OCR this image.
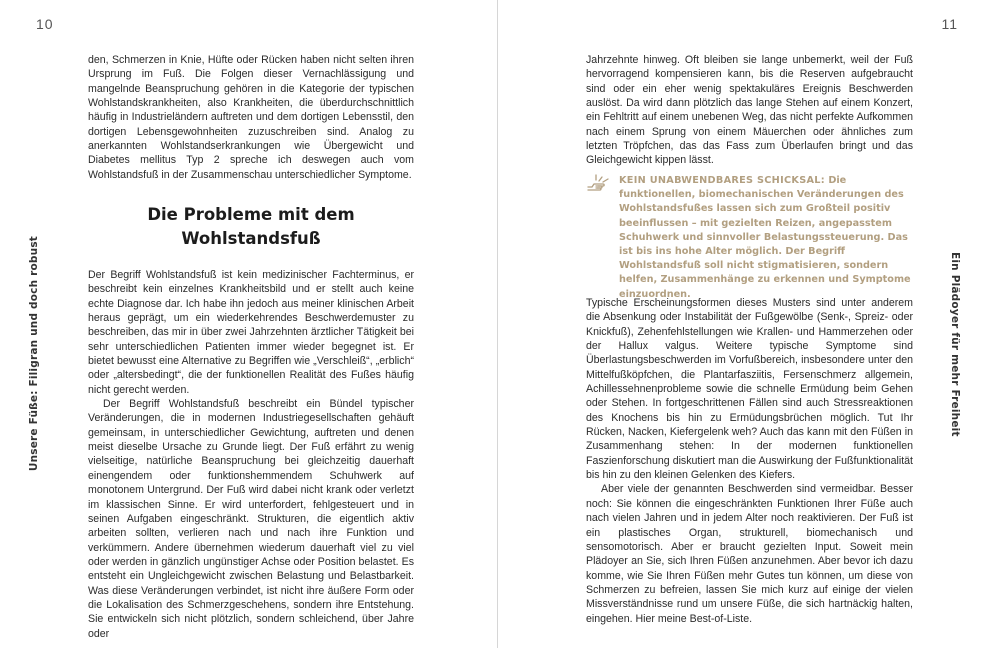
10
Unsere Füße: Filigran und doch robust

den, Schmerzen in Knie, Hüfte oder Rücken haben nicht selten ihren Ursprung im Fuß. Die Folgen dieser Vernachlässigung und mangelnde Beanspruchung gehören in die Kategorie der typischen Wohlstandskrankheiten, also Krankheiten, die überdurchschnittlich häufig in Industrieländern auftreten und dem dortigen Lebensstil, den dortigen Lebensgewohnheiten zuzuschreiben sind. Analog zu anerkannten Wohlstandserkrankungen wie Übergewicht und Diabetes mellitus Typ 2 spreche ich deswegen auch vom Wohlstandsfuß in der Zusammenschau unterschiedlicher Symptome.

Die Probleme mit dem
Wohlstandsfuß

Der Begriff Wohlstandsfuß ist kein medizinischer Fachterminus, er beschreibt kein einzelnes Krankheitsbild und er stellt auch keine echte Diagnose dar. Ich habe ihn jedoch aus meiner klinischen Arbeit heraus geprägt, um ein wiederkehrendes Beschwerdemuster zu beschreiben, das mir in über zwei Jahrzehnten ärztlicher Tätigkeit bei sehr unterschiedlichen Patienten immer wieder begegnet ist. Er bietet bewusst eine Alternative zu Begriffen wie „Verschleiß“, „erblich“ oder „altersbedingt“, die der funktionellen Realität des Fußes häufig nicht gerecht werden.

Der Begriff Wohlstandsfuß beschreibt ein Bündel typischer Veränderungen, die in modernen Industriegesellschaften gehäuft gemeinsam, in unterschiedlicher Gewichtung, auftreten und denen meist dieselbe Ursache zu Grunde liegt. Der Fuß erfährt zu wenig vielseitige, natürliche Beanspruchung bei gleichzeitig dauerhaft einengendem oder funktionshemmendem Schuhwerk auf monotonem Untergrund. Der Fuß wird dabei nicht krank oder verletzt im klassischen Sinne. Er wird unterfordert, fehlgesteuert und in seinen Aufgaben eingeschränkt. Strukturen, die eigentlich aktiv arbeiten sollten, verlieren nach und nach ihre Funktion und verkümmern. Andere übernehmen wiederum dauerhaft viel zu viel oder werden in gänzlich ungünstiger Achse oder Position belastet. Es entsteht ein Ungleichgewicht zwischen Belastung und Belastbarkeit. Was diese Veränderungen verbindet, ist nicht ihre äußere Form oder die Lokalisation des Schmerzgeschehens, sondern ihre Entstehung. Sie entwickeln sich nicht plötzlich, sondern schleichend, über Jahre oder

11
Ein Plädoyer für mehr Freiheit

Jahrzehnte hinweg. Oft bleiben sie lange unbemerkt, weil der Fuß hervorragend kompensieren kann, bis die Reserven aufgebraucht sind oder ein eher wenig spektakuläres Ereignis Beschwerden auslöst. Da wird dann plötzlich das lange Stehen auf einem Konzert, ein Fehltritt auf einem unebenen Weg, das nicht perfekte Aufkommen nach einem Sprung von einem Mäuerchen oder ähnliches zum letzten Tröpfchen, das das Fass zum Überlaufen bringt und das Gleichgewicht kippen lässt.

KEIN UNABWENDBARES SCHICKSAL: Die funktionellen, biomechanischen Veränderungen des Wohlstandsfußes lassen sich zum Großteil positiv beeinflussen – mit gezielten Reizen, angepasstem Schuhwerk und sinnvoller Belastungssteuerung. Das ist bis ins hohe Alter möglich. Der Begriff Wohlstandsfuß soll nicht stigmatisieren, sondern helfen, Zusammenhänge zu erkennen und Symptome einzuordnen.

Typische Erscheinungsformen dieses Musters sind unter anderem die Absenkung oder Instabilität der Fußgewölbe (Senk-, Spreiz- oder Knickfuß), Zehenfehlstellungen wie Krallen- und Hammerzehen oder der Hallux valgus. Weitere typische Symptome sind Überlastungsbeschwerden im Vorfußbereich, insbesondere unter den Mittelfußköpfchen, die Plantarfasziitis, Fersenschmerz allgemein, Achillessehnenprobleme sowie die schnelle Ermüdung beim Gehen oder Stehen. In fortgeschrittenen Fällen sind auch Stressreaktionen des Knochens bis hin zu Ermüdungsbrüchen möglich. Tut Ihr Rücken, Nacken, Kiefergelenk weh? Auch das kann mit den Füßen in Zusammenhang stehen: In der modernen funktionellen Faszienforschung diskutiert man die Auswirkung der Fußfunktionalität bis hin zu den kleinen Gelenken des Kiefers.

Aber viele der genannten Beschwerden sind vermeidbar. Besser noch: Sie können die eingeschränkten Funktionen Ihrer Füße auch nach vielen Jahren und in jedem Alter noch reaktivieren. Der Fuß ist ein plastisches Organ, strukturell, biomechanisch und sensomotorisch. Aber er braucht gezielten Input. Soweit mein Plädoyer an Sie, sich Ihren Füßen anzunehmen. Aber bevor ich dazu komme, wie Sie Ihren Füßen mehr Gutes tun können, um diese von Schmerzen zu befreien, lassen Sie mich kurz auf einige der vielen Missverständnisse rund um unsere Füße, die sich hartnäckig halten, eingehen. Hier meine Best-of-Liste.
